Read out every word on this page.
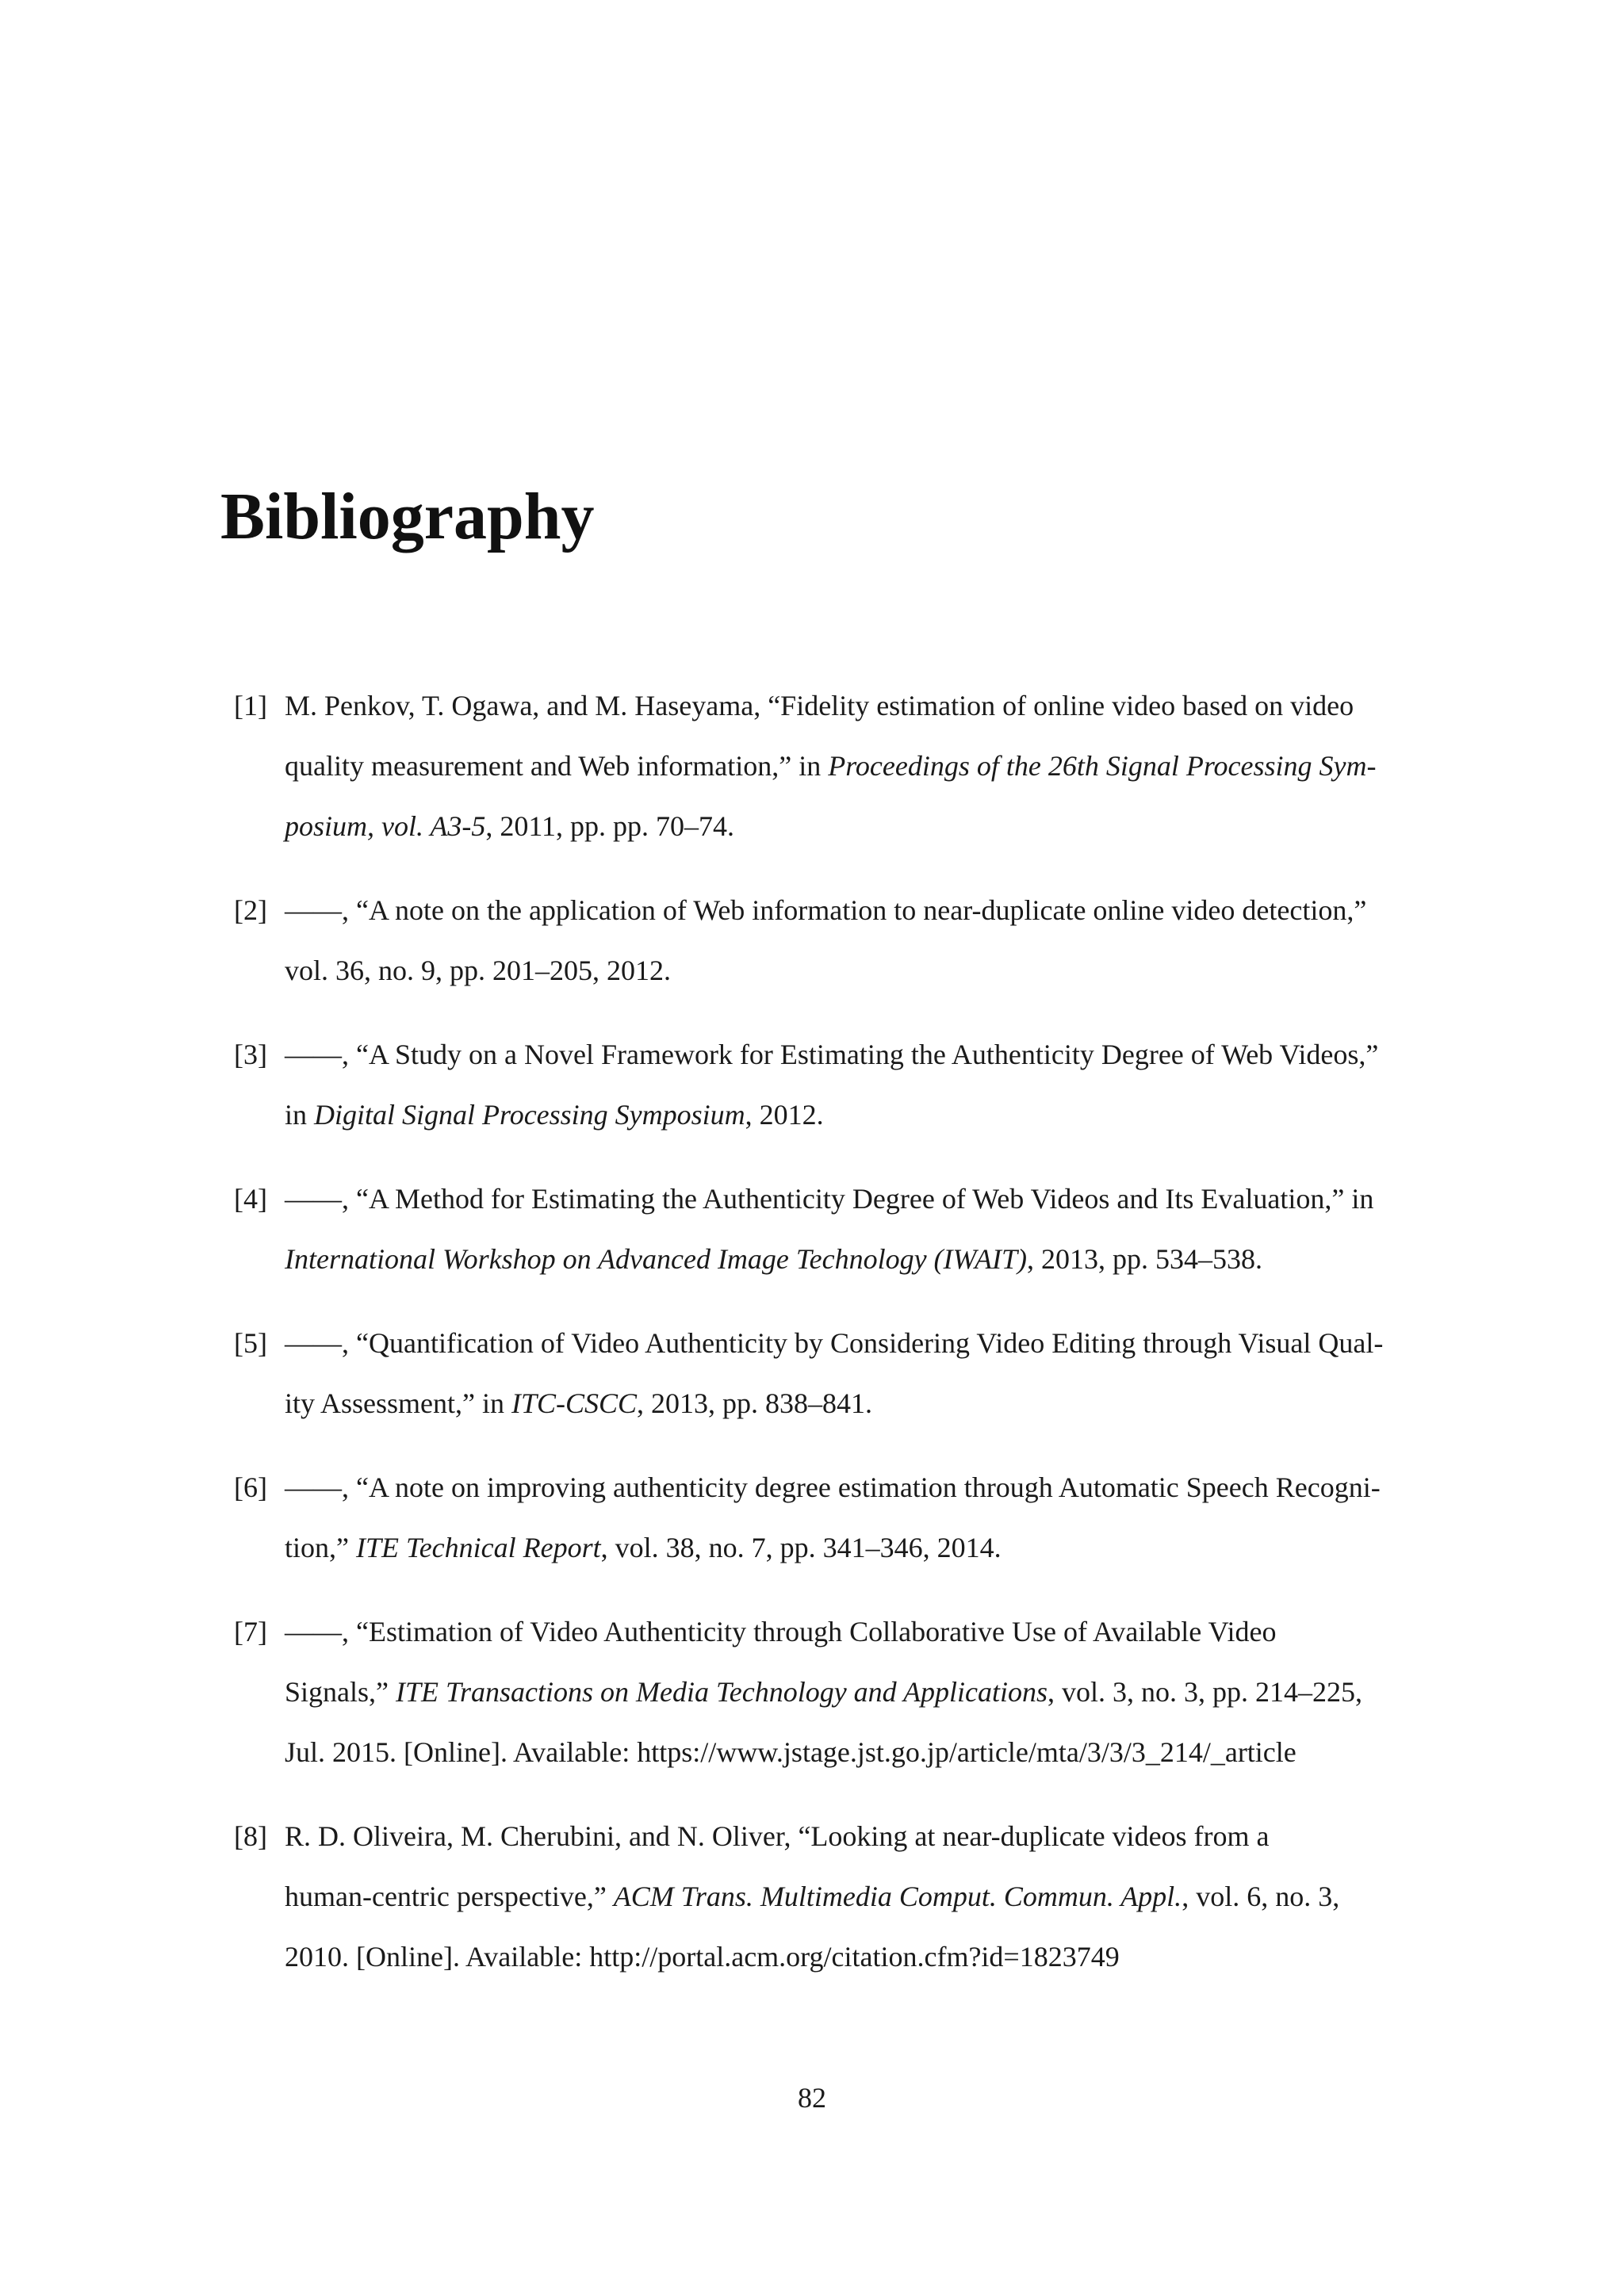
Bibliography
[1] M. Penkov, T. Ogawa, and M. Haseyama, “Fidelity estimation of online video based on video
quality measurement and Web information,” in Proceedings of the 26th Signal Processing Sym-
posium, vol. A3-5, 2011, pp. pp. 70–74.
[2] ——, “A note on the application of Web information to near-duplicate online video detection,”
vol. 36, no. 9, pp. 201–205, 2012.
[3] ——, “A Study on a Novel Framework for Estimating the Authenticity Degree of Web Videos,”
in Digital Signal Processing Symposium, 2012.
[4] ——, “A Method for Estimating the Authenticity Degree of Web Videos and Its Evaluation,” in
International Workshop on Advanced Image Technology (IWAIT), 2013, pp. 534–538.
[5] ——, “Quantification of Video Authenticity by Considering Video Editing through Visual Qual-
ity Assessment,” in ITC-CSCC, 2013, pp. 838–841.
[6] ——, “A note on improving authenticity degree estimation through Automatic Speech Recogni-
tion,” ITE Technical Report, vol. 38, no. 7, pp. 341–346, 2014.
[7] ——, “Estimation of Video Authenticity through Collaborative Use of Available Video
Signals,” ITE Transactions on Media Technology and Applications, vol. 3, no. 3, pp. 214–225,
Jul. 2015. [Online]. Available: https://www.jstage.jst.go.jp/article/mta/3/3/3_214/_article
[8] R. D. Oliveira, M. Cherubini, and N. Oliver, “Looking at near-duplicate videos from a
human-centric perspective,” ACM Trans. Multimedia Comput. Commun. Appl., vol. 6, no. 3,
2010. [Online]. Available: http://portal.acm.org/citation.cfm?id=1823749
82
